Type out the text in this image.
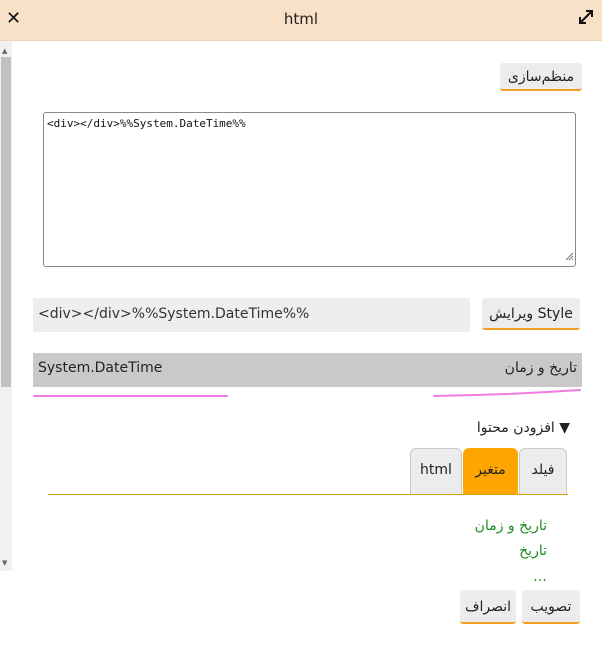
✕	html
▲
▼
منظم‌سازی
<div></div>%%System.DateTime%%
<div></div>%%System.DateTime%%	ویرایش Style
System.DateTime	تاریخ و زمان
▼ افزودن محتوا
فیلد
متغیر
html
تاریخ و زمان
تاریخ
…
تصویب
انصراف
